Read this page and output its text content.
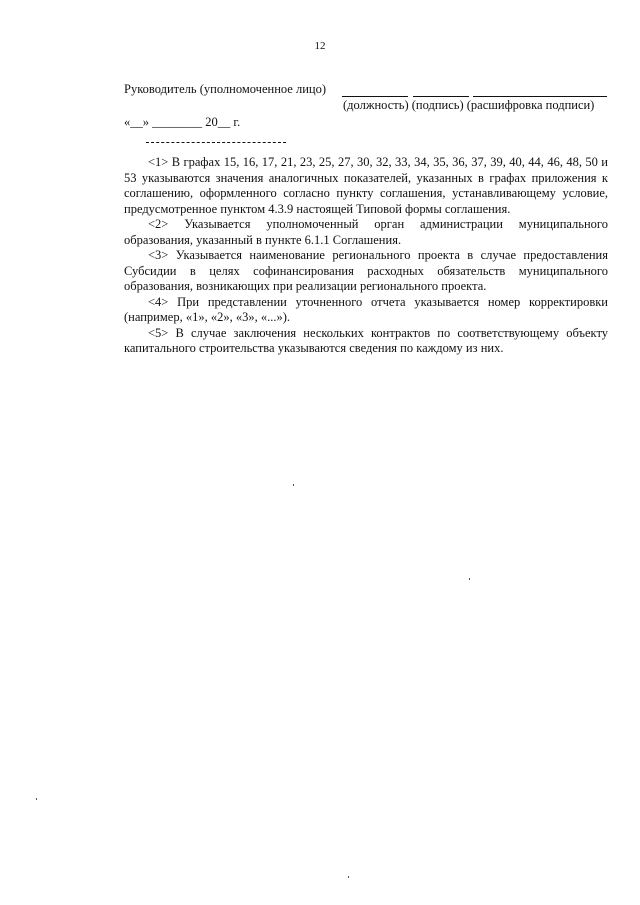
12
Руководитель (уполномоченное лицо)
(должность) (подпись) (расшифровка подписи)
«__» ________ 20__ г.

<1> В графах 15, 16, 17, 21, 23, 25, 27, 30, 32, 33, 34, 35, 36, 37, 39, 40, 44, 46, 48, 50 и 53 указываются значения аналогичных показателей, указанных в графах приложения к соглашению, оформленного согласно пункту соглашения, устанавливающему условие, предусмотренное пунктом 4.3.9 настоящей Типовой формы соглашения.

<2> Указывается уполномоченный орган администрации муниципального образования, указанный в пункте 6.1.1 Соглашения.

<3> Указывается наименование регионального проекта в случае предоставления Субсидии в целях софинансирования расходных обязательств муниципального образования, возникающих при реализации регионального проекта.

<4> При представлении уточненного отчета указывается номер корректировки (например, «1», «2», «3», «...»).

<5> В случае заключения нескольких контрактов по соответствующему объекту капитального строительства указываются сведения по каждому из них.
